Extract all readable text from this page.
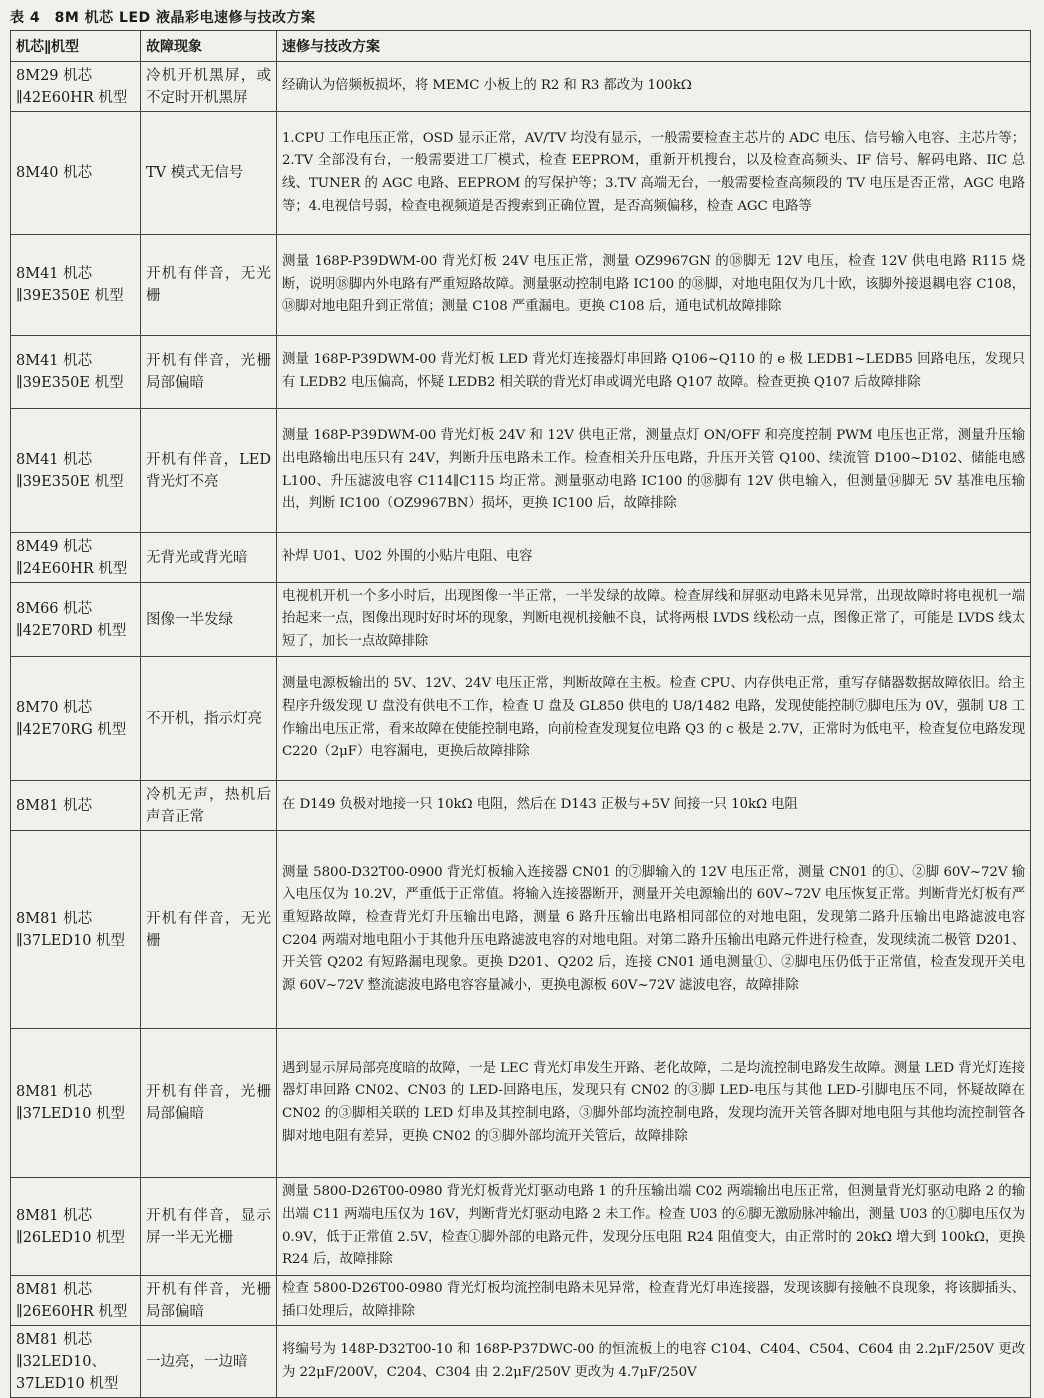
表 4　8M 机芯 LED 液晶彩电速修与技改方案
机芯∥机型	故障现象	速修与技改方案
8M29 机芯∥42E60HR 机型	冷机开机黑屏，或不定时开机黑屏	经确认为倍频板损坏，将 MEMC 小板上的 R2 和 R3 都改为 100kΩ
8M40 机芯	TV 模式无信号	1.CPU 工作电压正常，OSD 显示正常，AV/TV 均没有显示，一般需要检查主芯片的 ADC 电压、信号输入电容、主芯片等；2.TV 全部没有台，一般需要进工厂模式，检查 EEPROM，重新开机搜台，以及检查高频头、IF 信号、解码电路、IIC 总线、TUNER 的 AGC 电路、EEPROM 的写保护等；3.TV 高端无台，一般需要检查高频段的 TV 电压是否正常，AGC 电路等；4.电视信号弱，检查电视频道是否搜索到正确位置，是否高频偏移，检查 AGC 电路等
8M41 机芯∥39E350E 机型	开机有伴音，无光栅	测量 168P-P39DWM-00 背光灯板 24V 电压正常，测量 OZ9967GN 的⑱脚无 12V 电压，检查 12V 供电电路 R115 烧断，说明⑱脚内外电路有严重短路故障。测量驱动控制电路 IC100 的⑱脚，对地电阻仅为几十欧，该脚外接退耦电容 C108，⑱脚对地电阻升到正常值；测量 C108 严重漏电。更换 C108 后，通电试机故障排除
8M41 机芯∥39E350E 机型	开机有伴音，光栅局部偏暗	测量 168P-P39DWM-00 背光灯板 LED 背光灯连接器灯串回路 Q106~Q110 的 e 极 LEDB1~LEDB5 回路电压，发现只有 LEDB2 电压偏高，怀疑 LEDB2 相关联的背光灯串或调光电路 Q107 故障。检查更换 Q107 后故障排除
8M41 机芯∥39E350E 机型	开机有伴音，LED 背光灯不亮	测量 168P-P39DWM-00 背光灯板 24V 和 12V 供电正常，测量点灯 ON/OFF 和亮度控制 PWM 电压也正常，测量升压输出电路输出电压只有 24V，判断升压电路未工作。检查相关升压电路，升压开关管 Q100、续流管 D100~D102、储能电感 L100、升压滤波电容 C114∥C115 均正常。测量驱动电路 IC100 的⑱脚有 12V 供电输入，但测量⑭脚无 5V 基准电压输出，判断 IC100（OZ9967BN）损坏，更换 IC100 后，故障排除
8M49 机芯∥24E60HR 机型	无背光或背光暗	补焊 U01、U02 外围的小贴片电阻、电容
8M66 机芯∥42E70RD 机型	图像一半发绿	电视机开机一个多小时后，出现图像一半正常，一半发绿的故障。检查屏线和屏驱动电路未见异常，出现故障时将电视机一端抬起来一点，图像出现时好时坏的现象，判断电视机接触不良，试将两根 LVDS 线松动一点，图像正常了，可能是 LVDS 线太短了，加长一点故障排除
8M70 机芯∥42E70RG 机型	不开机，指示灯亮	测量电源板输出的 5V、12V、24V 电压正常，判断故障在主板。检查 CPU、内存供电正常，重写存储器数据故障依旧。给主程序升级发现 U 盘没有供电不工作，检查 U 盘及 GL850 供电的 U8/1482 电路，发现使能控制⑦脚电压为 0V，强制 U8 工作输出电压正常，看来故障在使能控制电路，向前检查发现复位电路 Q3 的 c 极是 2.7V，正常时为低电平，检查复位电路发现 C220（2μF）电容漏电，更换后故障排除
8M81 机芯	冷机无声，热机后声音正常	在 D149 负极对地接一只 10kΩ 电阻，然后在 D143 正极与+5V 间接一只 10kΩ 电阻
8M81 机芯∥37LED10 机型	开机有伴音，无光栅	测量 5800-D32T00-0900 背光灯板输入连接器 CN01 的⑦脚输入的 12V 电压正常，测量 CN01 的①、②脚 60V~72V 输入电压仅为 10.2V，严重低于正常值。将输入连接器断开，测量开关电源输出的 60V~72V 电压恢复正常。判断背光灯板有严重短路故障，检查背光灯升压输出电路，测量 6 路升压输出电路相同部位的对地电阻，发现第二路升压输出电路滤波电容 C204 两端对地电阻小于其他升压电路滤波电容的对地电阻。对第二路升压输出电路元件进行检查，发现续流二极管 D201、开关管 Q202 有短路漏电现象。更换 D201、Q202 后，连接 CN01 通电测量①、②脚电压仍低于正常值，检查发现开关电源 60V~72V 整流滤波电路电容容量减小，更换电源板 60V~72V 滤波电容，故障排除
8M81 机芯∥37LED10 机型	开机有伴音，光栅局部偏暗	遇到显示屏局部亮度暗的故障，一是 LEC 背光灯串发生开路、老化故障，二是均流控制电路发生故障。测量 LED 背光灯连接器灯串回路 CN02、CN03 的 LED-回路电压，发现只有 CN02 的③脚 LED-电压与其他 LED-引脚电压不同，怀疑故障在 CN02 的③脚相关联的 LED 灯串及其控制电路，③脚外部均流控制电路，发现均流开关管各脚对地电阻与其他均流控制管各脚对地电阻有差异，更换 CN02 的③脚外部均流开关管后，故障排除
8M81 机芯∥26LED10 机型	开机有伴音，显示屏一半无光栅	测量 5800-D26T00-0980 背光灯板背光灯驱动电路 1 的升压输出端 C02 两端输出电压正常，但测量背光灯驱动电路 2 的输出端 C11 两端电压仅为 16V，判断背光灯驱动电路 2 未工作。检查 U03 的⑥脚无激励脉冲输出，测量 U03 的①脚电压仅为 0.9V，低于正常值 2.5V，检查①脚外部的电路元件，发现分压电阻 R24 阻值变大，由正常时的 20kΩ 增大到 100kΩ，更换 R24 后，故障排除
8M81 机芯∥26E60HR 机型	开机有伴音，光栅局部偏暗	检查 5800-D26T00-0980 背光灯板均流控制电路未见异常，检查背光灯串连接器，发现该脚有接触不良现象，将该脚插头、插口处理后，故障排除
8M81 机芯∥32LED10、37LED10 机型	一边亮，一边暗	将编号为 148P-D32T00-10 和 168P-P37DWC-00 的恒流板上的电容 C104、C404、C504、C604 由 2.2μF/250V 更改为 22μF/200V，C204、C304 由 2.2μF/250V 更改为 4.7μF/250V
